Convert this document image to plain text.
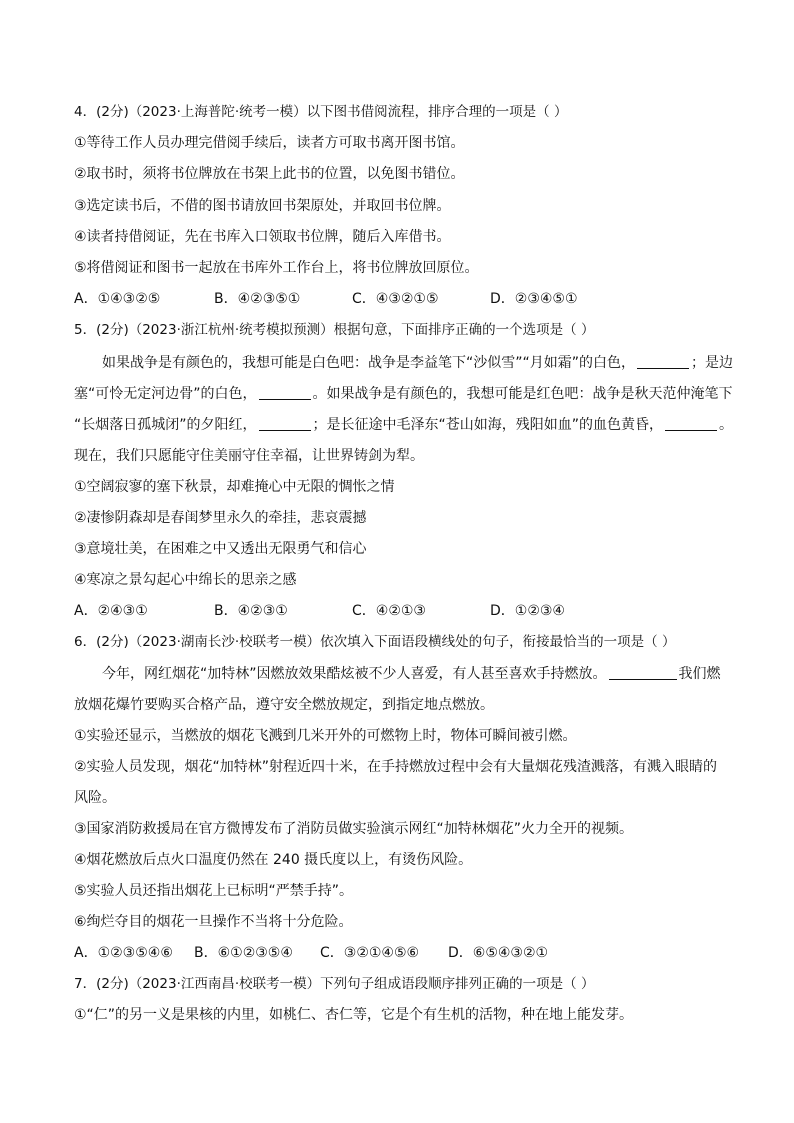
4．(2分)（2023·上海普陀·统考一模）以下图书借阅流程，排序合理的一项是（ ）
①等待工作人员办理完借阅手续后，读者方可取书离开图书馆。
②取书时，须将书位牌放在书架上此书的位置，以免图书错位。
③选定读书后，不借的图书请放回书架原处，并取回书位牌。
④读者持借阅证，先在书库入口领取书位牌，随后入库借书。
⑤将借阅证和图书一起放在书库外工作台上，将书位牌放回原位。
A．①④③②⑤	B．④②③⑤①	C．④③②①⑤	D．②③④⑤①
5．(2分)（2023·浙江杭州·统考模拟预测）根据句意，下面排序正确的一个选项是（ ）
如果战争是有颜色的，我想可能是白色吧：战争是李益笔下“沙似雪”“月如霜”的白色，	；是边
塞“可怜无定河边骨”的白色，	。如果战争是有颜色的，我想可能是红色吧：战争是秋天范仲淹笔下
“长烟落日孤城闭”的夕阳红，	；是长征途中毛泽东“苍山如海，残阳如血”的血色黄昏，	。
现在，我们只愿能守住美丽守住幸福，让世界铸剑为犁。
①空阔寂寥的塞下秋景，却难掩心中无限的惆怅之情
②凄惨阴森却是春闺梦里永久的牵挂，悲哀震撼
③意境壮美，在困难之中又透出无限勇气和信心
④寒凉之景勾起心中绵长的思亲之感
A．②④③①	B．④②③①	C．④②①③	D．①②③④
6．(2分)（2023·湖南长沙·校联考一模）依次填入下面语段横线处的句子，衔接最恰当的一项是（ ）
今年，网红烟花“加特林”因燃放效果酷炫被不少人喜爱，有人甚至喜欢手持燃放。	我们燃
放烟花爆竹要购买合格产品，遵守安全燃放规定，到指定地点燃放。
①实验还显示，当燃放的烟花飞溅到几米开外的可燃物上时，物体可瞬间被引燃。
②实验人员发现，烟花“加特林”射程近四十米，在手持燃放过程中会有大量烟花残渣溅落，有溅入眼睛的
风险。
③国家消防救援局在官方微博发布了消防员做实验演示网红“加特林烟花”火力全开的视频。
④烟花燃放后点火口温度仍然在 240 摄氏度以上，有烫伤风险。
⑤实验人员还指出烟花上已标明“严禁手持”。
⑥绚烂夺目的烟花一旦操作不当将十分危险。
A．①②③⑤④⑥ B．⑥①②③⑤④ C．③②①④⑤⑥ D．⑥⑤④③②①
7．(2分)（2023·江西南昌·校联考一模）下列句子组成语段顺序排列正确的一项是（ ）
①“仁”的另一义是果核的内里，如桃仁、杏仁等，它是个有生机的活物，种在地上能发芽。
